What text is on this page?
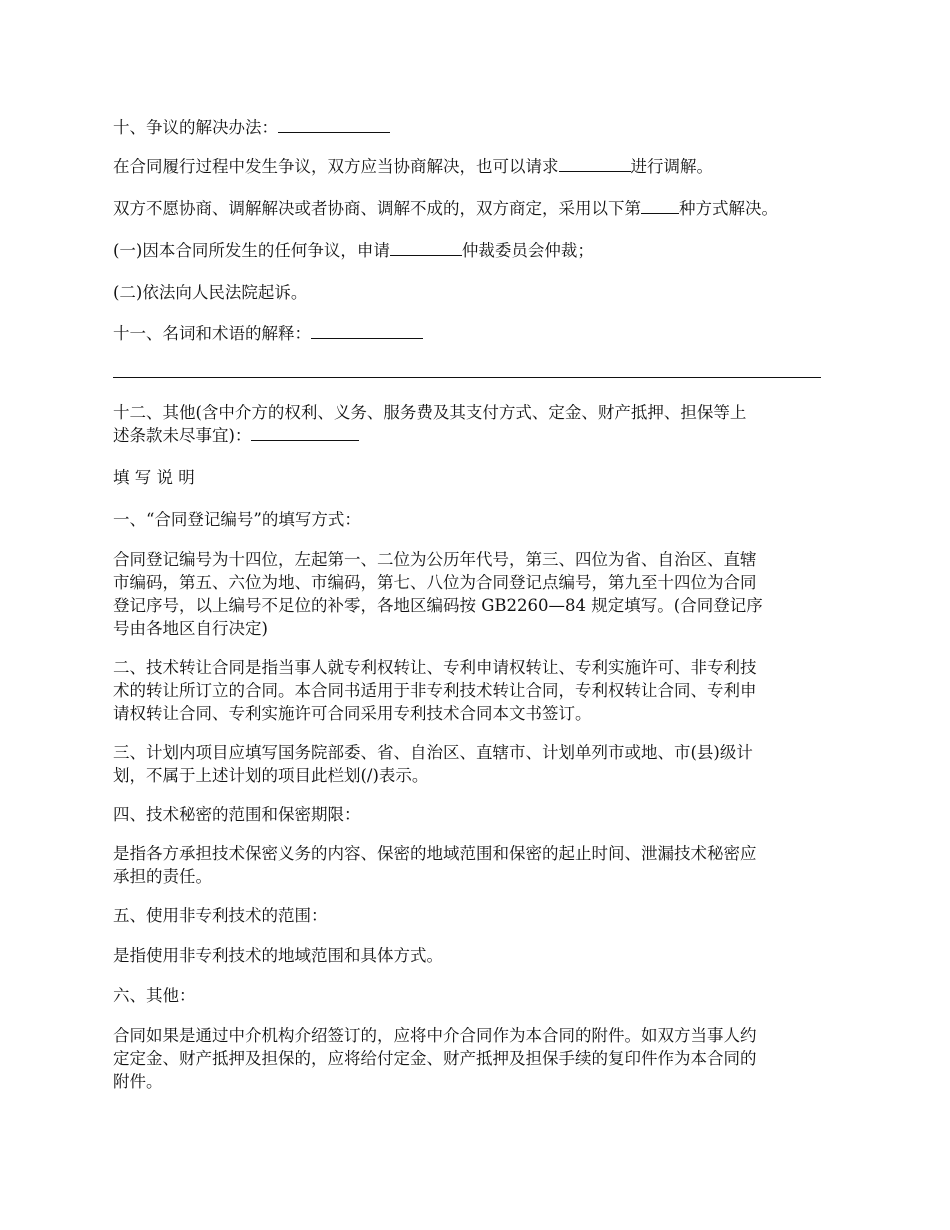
十、争议的解决办法：

在合同履行过程中发生争议，双方应当协商解决，也可以请求	进行调解。

双方不愿协商、调解解决或者协商、调解不成的，双方商定，采用以下第 种方式解决。

(一)因本合同所发生的任何争议，申请	仲裁委员会仲裁；

(二)依法向人民法院起诉。

十一、名词和术语的解释：

十二、其他(含中介方的权利、义务、服务费及其支付方式、定金、财产抵押、担保等上

述条款未尽事宜)：

填 写 说 明

一、“合同登记编号”的填写方式：

合同登记编号为十四位，左起第一、二位为公历年代号，第三、四位为省、自治区、直辖

市编码，第五、六位为地、市编码，第七、八位为合同登记点编号，第九至十四位为合同

登记序号，以上编号不足位的补零，各地区编码按 GB2260—84 规定填写。(合同登记序

号由各地区自行决定)

二、技术转让合同是指当事人就专利权转让、专利申请权转让、专利实施许可、非专利技

术的转让所订立的合同。本合同书适用于非专利技术转让合同，专利权转让合同、专利申

请权转让合同、专利实施许可合同采用专利技术合同本文书签订。

三、计划内项目应填写国务院部委、省、自治区、直辖市、计划单列市或地、市(县)级计

划，不属于上述计划的项目此栏划(/)表示。

四、技术秘密的范围和保密期限：

是指各方承担技术保密义务的内容、保密的地域范围和保密的起止时间、泄漏技术秘密应

承担的责任。

五、使用非专利技术的范围：

是指使用非专利技术的地域范围和具体方式。

六、其他：

合同如果是通过中介机构介绍签订的，应将中介合同作为本合同的附件。如双方当事人约

定定金、财产抵押及担保的，应将给付定金、财产抵押及担保手续的复印件作为本合同的

附件。
